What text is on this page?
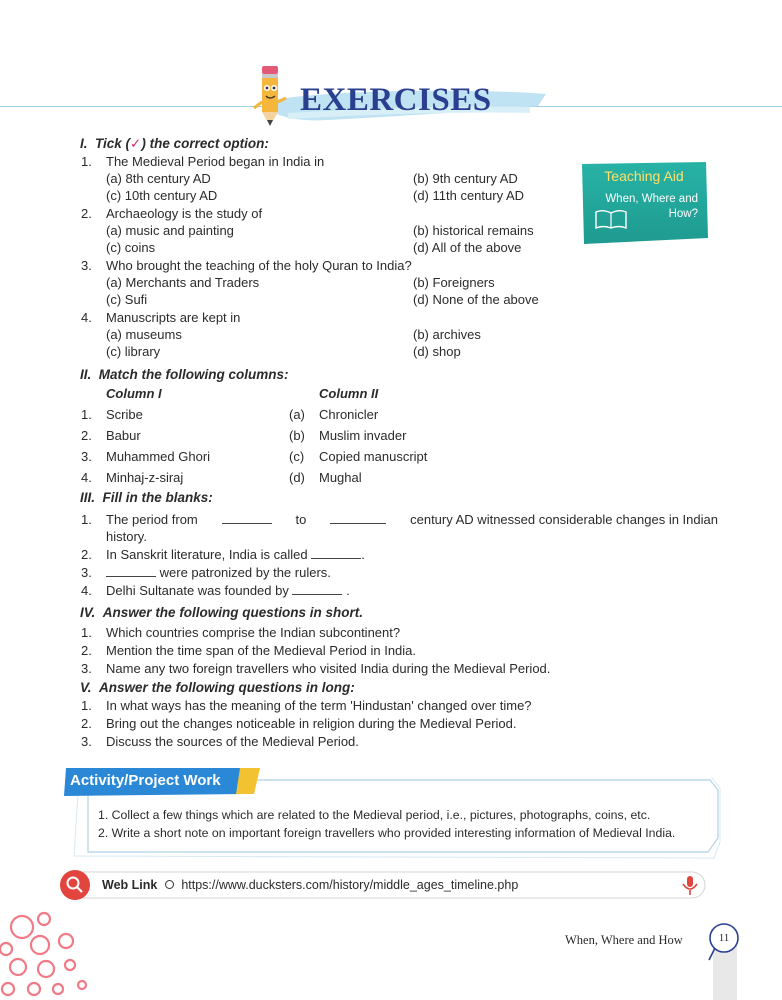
EXERCISES
Teaching Aid
When, Where and
How?
I. Tick (✓) the correct option:
1.	The Medieval Period began in India in
(a) 8th century AD	(b) 9th century AD
(c) 10th century AD	(d) 11th century AD
2.	Archaeology is the study of
(a) music and painting	(b) historical remains
(c) coins	(d) All of the above
3.	Who brought the teaching of the holy Quran to India?
(a) Merchants and Traders	(b) Foreigners
(c) Sufi	(d) None of the above
4.	Manuscripts are kept in
(a) museums	(b) archives
(c) library	(d) shop
II. Match the following columns:
Column I	Column II
1.	Scribe	(a) Chronicler
2.	Babur	(b) Muslim invader
3.	Muhammed Ghori	(c) Copied manuscript
4.	Minhaj-z-siraj	(d) Mughal
III. Fill in the blanks:
1.	The period from	to	century AD witnessed considerable changes in Indian
history.
2.	In Sanskrit literature, India is called	.
3.	were patronized by the rulers.
4.	Delhi Sultanate was founded by	.
IV. Answer the following questions in short.
1.	Which countries comprise the Indian subcontinent?
2.	Mention the time span of the Medieval Period in India.
3.	Name any two foreign travellers who visited India during the Medieval Period.
V. Answer the following questions in long:
1.	In what ways has the meaning of the term 'Hindustan' changed over time?
2.	Bring out the changes noticeable in religion during the Medieval Period.
3.	Discuss the sources of the Medieval Period.
Activity/Project Work
1. Collect a few things which are related to the Medieval period, i.e., pictures, photographs, coins, etc.
2. Write a short note on important foreign travellers who provided interesting information of Medieval India.
Web Link https://www.ducksters.com/history/middle_ages_timeline.php
When, Where and How	11
